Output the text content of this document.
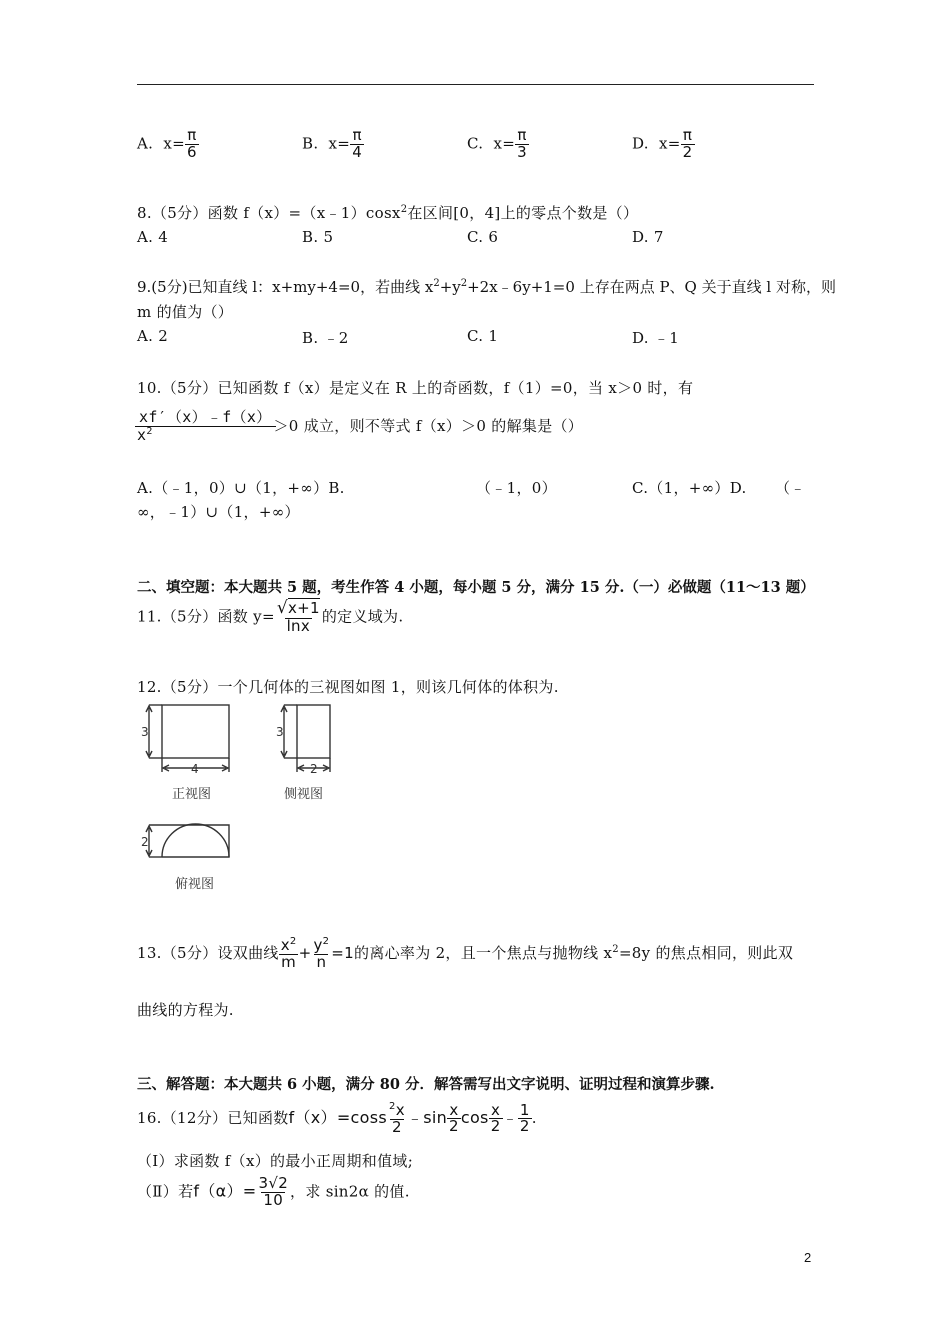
A. $x= \frac{\pi}{6}$	B. $x= \frac{\pi}{4}$	C. $x= \frac{\pi}{3}$	D. $x= \frac{\pi}{2}$
8.（5分）函数 f（x）=（x﹣1）cosx$^2$在区间[0，4]上的零点个数是（）
A. 4	B. 5	C. 6	D. 7
9.(5分)已知直线 l：x+my+4=0，若曲线 $x^2+y^2+2x﹣6y+1=0$ 上存在两点 P、Q 关于直线 l 对称，则
m 的值为（）
A. 2	B. ﹣2	C. 1	D. ﹣1
10.（5分）已知函数 f（x）是定义在 R 上的奇函数，f（1）=0，当 x＞0 时，有
$\frac{xf'(x)﹣f(x)}{x^2} >0$ 成立，则不等式 f（x）＞0 的解集是（）
A.（﹣1，0）∪（1，+∞）B.	（﹣1，0）	C.（1，+∞）D. （﹣
∞，﹣1）∪（1，+∞）
二、填空题：本大题共 5 题，考生作答 4 小题，每小题 5 分，满分 15 分.（一）必做题（11～13 题）
11.（5分）函数 $y= \frac{√x+1}{\ln x}$ 的定义域为.
12.（5分）一个几何体的三视图如图 1，则该几何体的体积为.
3
4
正视图
2
俯视图
3
2
侧视图
13.（5分）设双曲线 $\frac{x^2}{m} + \frac{y^2}{n} =1$的离心率为 2，且一个焦点与抛物线 $x^2=8y$ 的焦点相同，则此双
曲线的方程为.
三、解答题：本大题共 6 小题，满分 80 分．解答需写出文字说明、证明过程和演算步骤.
16.（12分）已知函数$f(x)=\cos s \frac{^2x}{2}$ ﹣sin $\frac{x}{2}$ $\cos \frac{x}{2}$ ﹣ $\frac{1}{2}$ .
（Ⅰ）求函数 f（x）的最小正周期和值域;
（Ⅱ）若$f(\alpha)= \frac{3√2}{10}$ ，求 sin2α 的值.
2
